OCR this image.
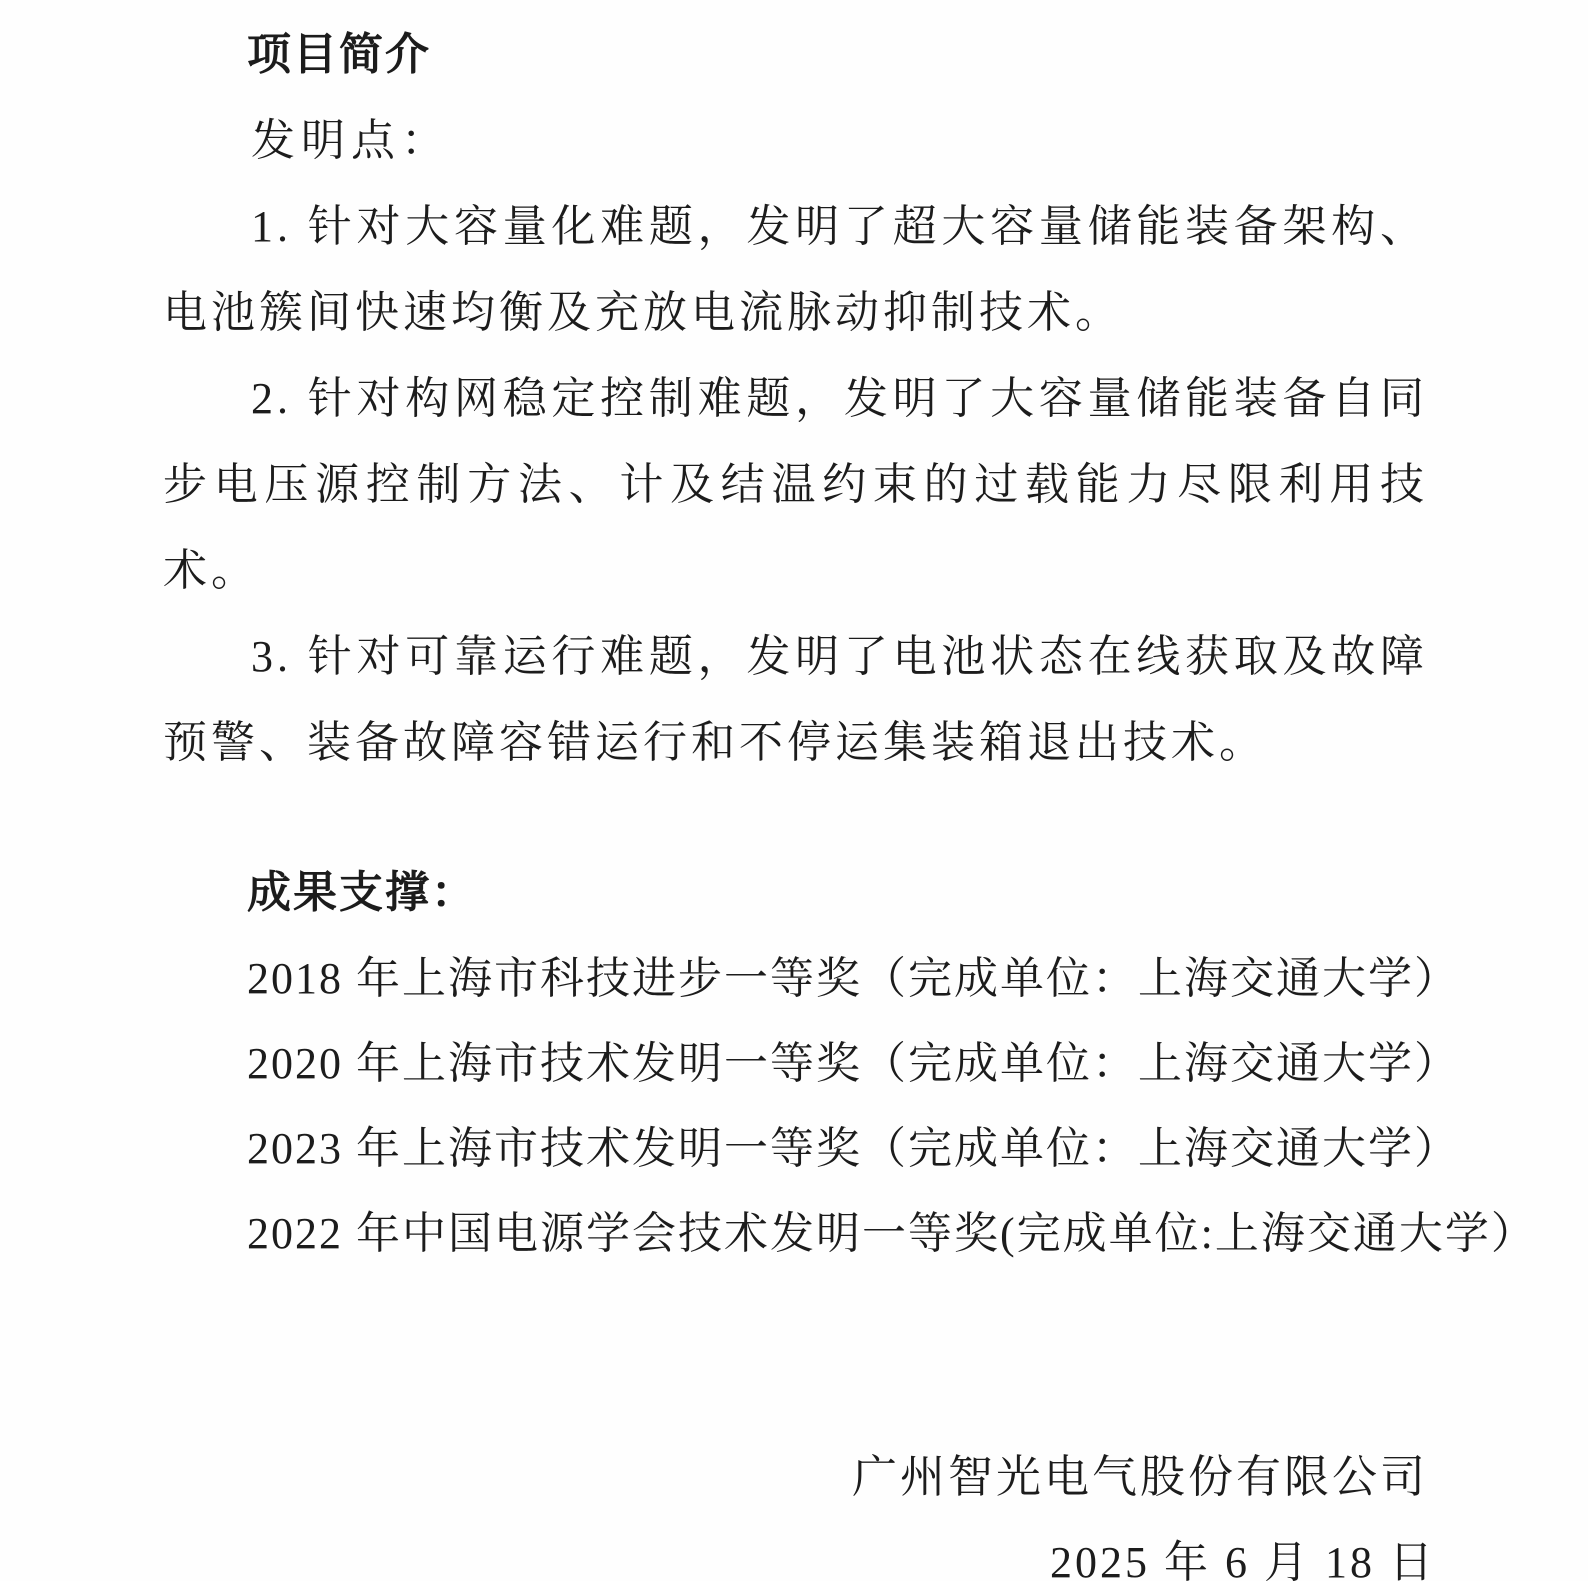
项目简介

发明点：

1. 针对大容量化难题，发明了超大容量储能装备架构、电池簇间快速均衡及充放电流脉动抑制技术。

2. 针对构网稳定控制难题，发明了大容量储能装备自同步电压源控制方法、计及结温约束的过载能力尽限利用技术。

3. 针对可靠运行难题，发明了电池状态在线获取及故障预警、装备故障容错运行和不停运集装箱退出技术。

成果支撑：

2018 年上海市科技进步一等奖（完成单位：上海交通大学）

2020 年上海市技术发明一等奖（完成单位：上海交通大学）

2023 年上海市技术发明一等奖（完成单位：上海交通大学）

2022 年中国电源学会技术发明一等奖(完成单位:上海交通大学）

广州智光电气股份有限公司

2025 年 6 月 18 日
